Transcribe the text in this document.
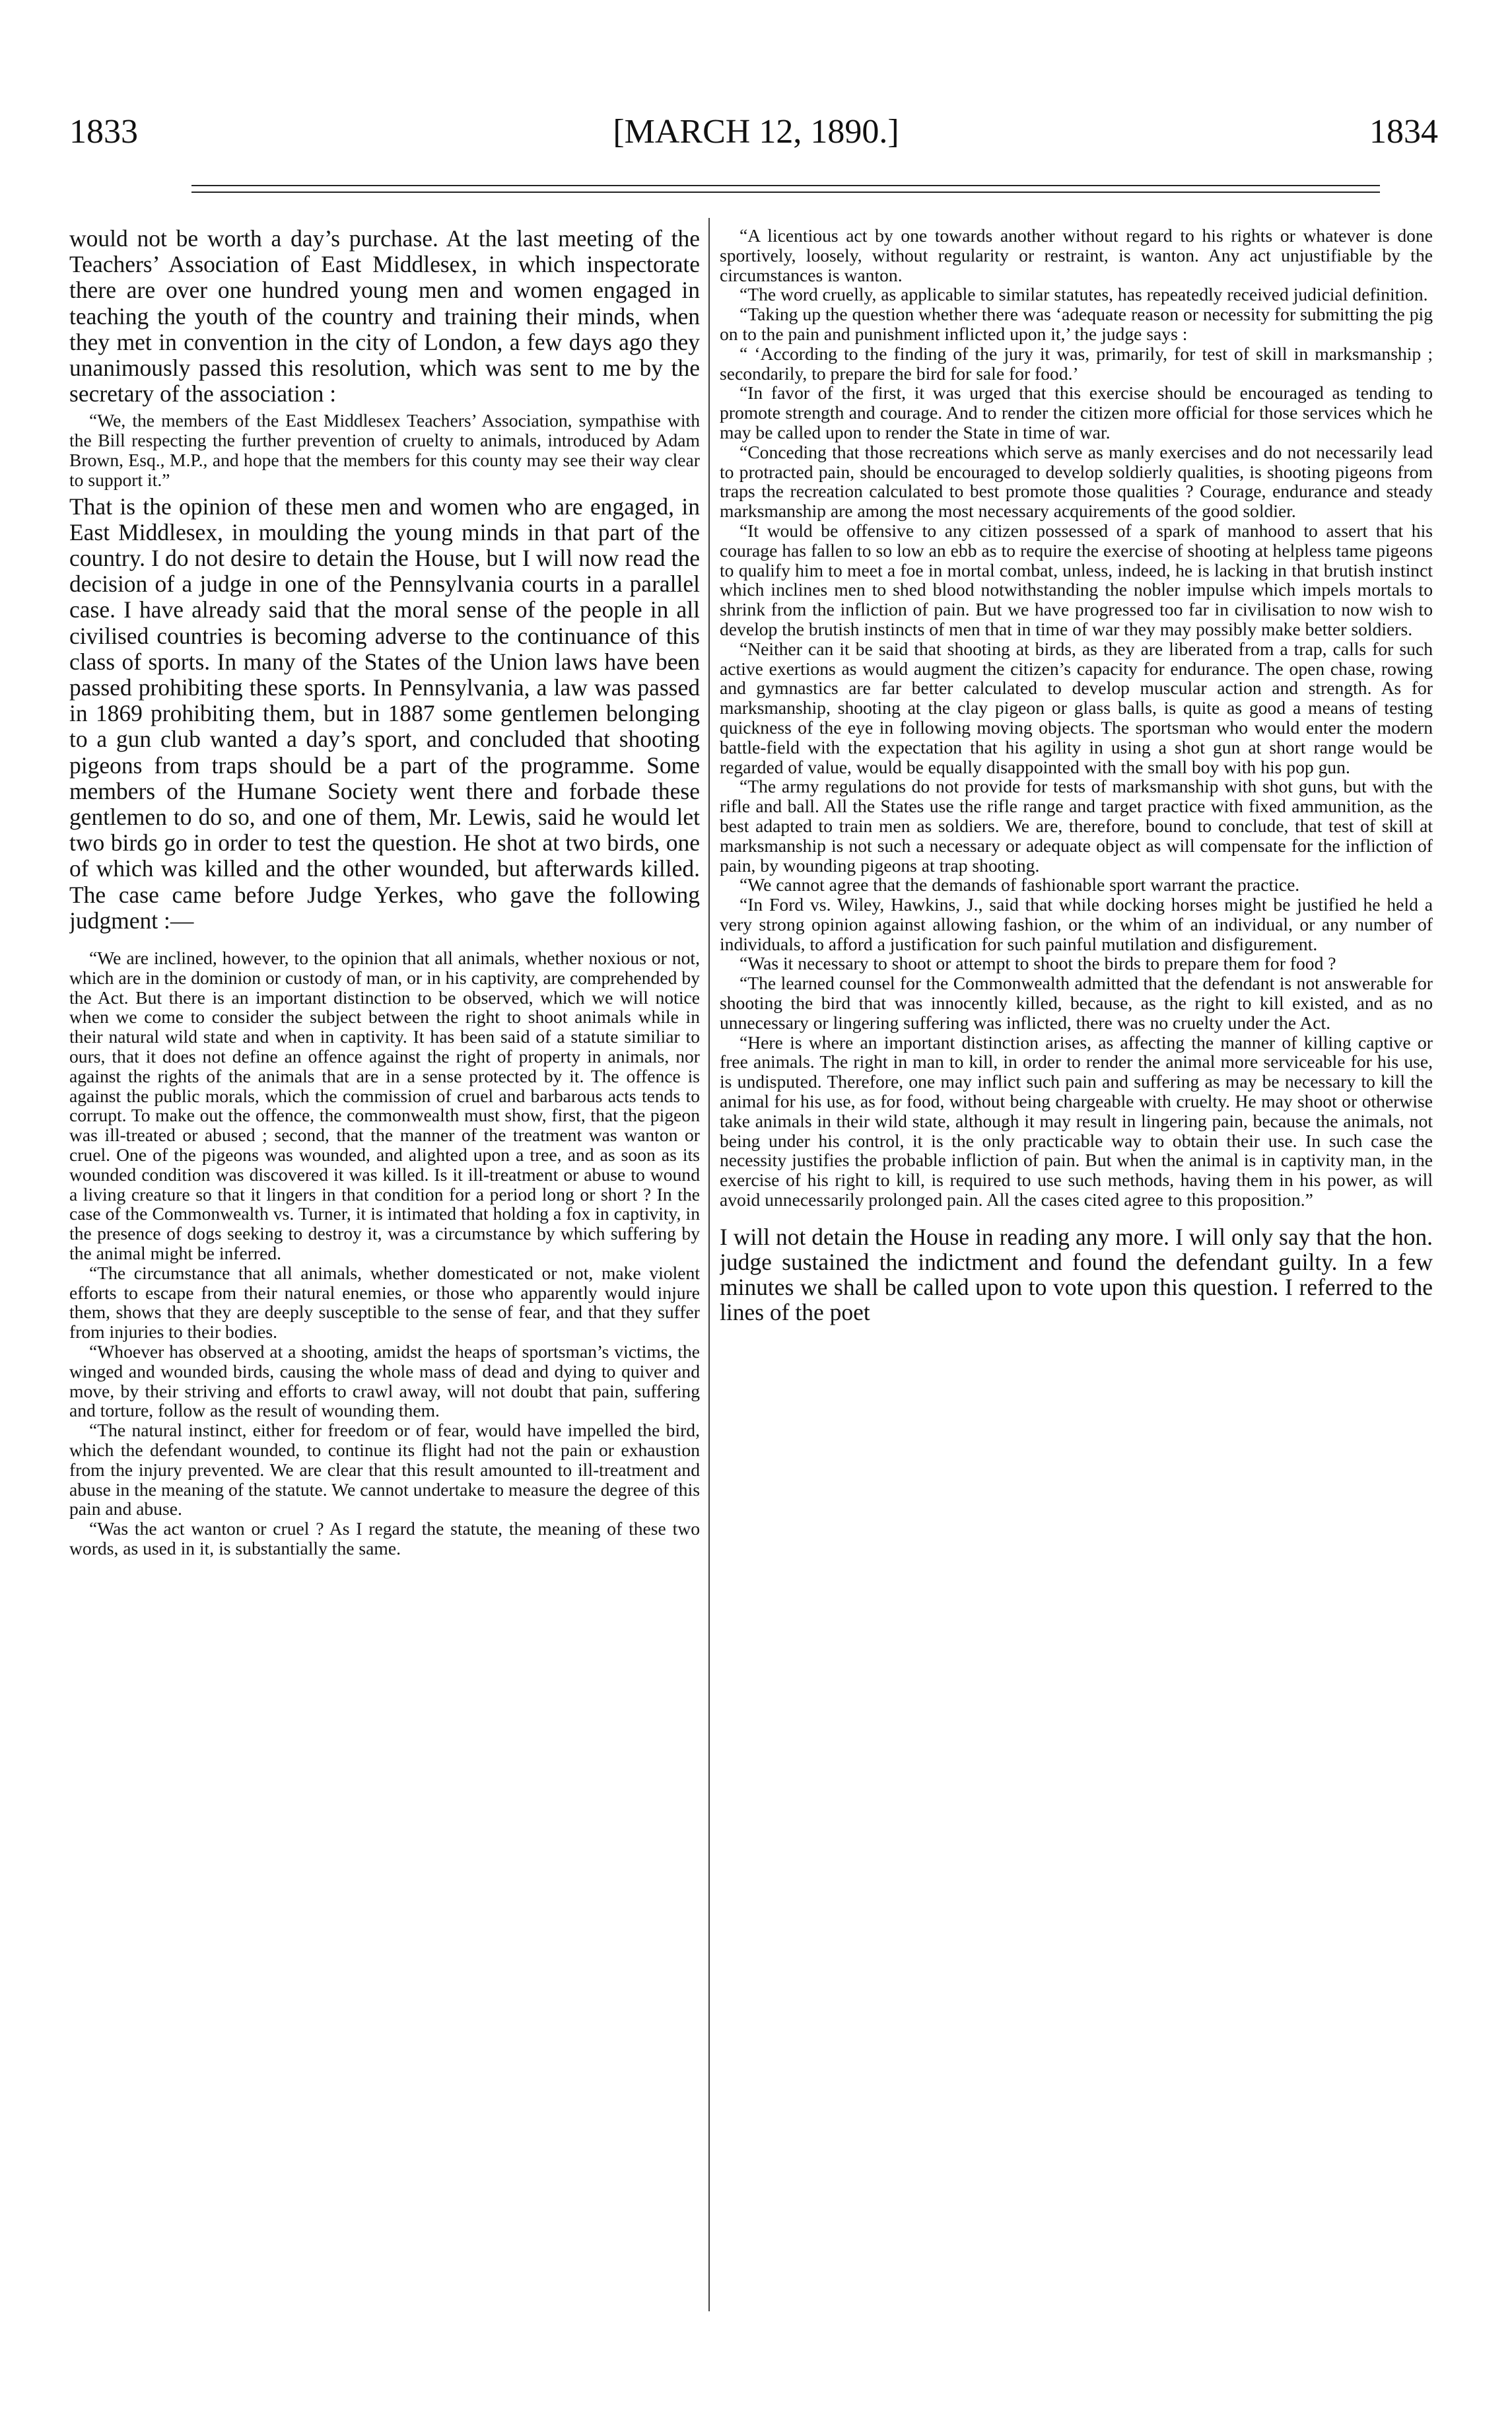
1833	[MARCH 12, 1890.]	1834

would not be worth a day’s purchase. At the last meeting of the Teachers’ Association of East Middlesex, in which inspectorate there are over one hundred young men and women engaged in teaching the youth of the country and training their minds, when they met in convention in the city of London, a few days ago they unanimously passed this resolution, which was sent to me by the secretary of the association :

“We, the members of the East Middlesex Teachers’ Association, sympathise with the Bill respecting the further prevention of cruelty to animals, introduced by Adam Brown, Esq., M.P., and hope that the members for this county may see their way clear to support it.”

That is the opinion of these men and women who are engaged, in East Middlesex, in moulding the young minds in that part of the country. I do not desire to detain the House, but I will now read the decision of a judge in one of the Pennsylvania courts in a parallel case. I have already said that the moral sense of the people in all civilised countries is becoming adverse to the continuance of this class of sports. In many of the States of the Union laws have been passed prohibiting these sports. In Pennsylvania, a law was passed in 1869 prohibiting them, but in 1887 some gentlemen belonging to a gun club wanted a day’s sport, and concluded that shooting pigeons from traps should be a part of the programme. Some members of the Humane Society went there and forbade these gentlemen to do so, and one of them, Mr. Lewis, said he would let two birds go in order to test the question. He shot at two birds, one of which was killed and the other wounded, but afterwards killed. The case came before Judge Yerkes, who gave the following judgment :—

“We are inclined, however, to the opinion that all animals, whether noxious or not, which are in the dominion or custody of man, or in his captivity, are comprehended by the Act. But there is an important distinction to be observed, which we will notice when we come to consider the subject between the right to shoot animals while in their natural wild state and when in captivity. It has been said of a statute similiar to ours, that it does not define an offence against the right of property in animals, nor against the rights of the animals that are in a sense protected by it. The offence is against the public morals, which the commission of cruel and barbarous acts tends to corrupt. To make out the offence, the commonwealth must show, first, that the pigeon was ill-treated or abused ; second, that the manner of the treatment was wanton or cruel. One of the pigeons was wounded, and alighted upon a tree, and as soon as its wounded condition was discovered it was killed. Is it ill-treatment or abuse to wound a living creature so that it lingers in that condition for a period long or short ? In the case of the Commonwealth vs. Turner, it is intimated that holding a fox in captivity, in the presence of dogs seeking to destroy it, was a circumstance by which suffering by the animal might be inferred.

“The circumstance that all animals, whether domesticated or not, make violent efforts to escape from their natural enemies, or those who apparently would injure them, shows that they are deeply susceptible to the sense of fear, and that they suffer from injuries to their bodies.

“Whoever has observed at a shooting, amidst the heaps of sportsman’s victims, the winged and wounded birds, causing the whole mass of dead and dying to quiver and move, by their striving and efforts to crawl away, will not doubt that pain, suffering and torture, follow as the result of wounding them.

“The natural instinct, either for freedom or of fear, would have impelled the bird, which the defendant wounded, to continue its flight had not the pain or exhaustion from the injury prevented. We are clear that this result amounted to ill-treatment and abuse in the meaning of the statute. We cannot undertake to measure the degree of this pain and abuse.

“Was the act wanton or cruel ? As I regard the statute, the meaning of these two words, as used in it, is substantially the same.

“A licentious act by one towards another without regard to his rights or whatever is done sportively, loosely, without regularity or restraint, is wanton. Any act unjustifiable by the circumstances is wanton.

“The word cruelly, as applicable to similar statutes, has repeatedly received judicial definition.

“Taking up the question whether there was ‘adequate reason or necessity for submitting the pig on to the pain and punishment inflicted upon it,’ the judge says :

“ ‘According to the finding of the jury it was, primarily, for test of skill in marksmanship ; secondarily, to prepare the bird for sale for food.’

“In favor of the first, it was urged that this exercise should be encouraged as tending to promote strength and courage. And to render the citizen more official for those services which he may be called upon to render the State in time of war.

“Conceding that those recreations which serve as manly exercises and do not necessarily lead to protracted pain, should be encouraged to develop soldierly qualities, is shooting pigeons from traps the recreation calculated to best promote those qualities ? Courage, endurance and steady marksmanship are among the most necessary acquirements of the good soldier.

“It would be offensive to any citizen possessed of a spark of manhood to assert that his courage has fallen to so low an ebb as to require the exercise of shooting at helpless tame pigeons to qualify him to meet a foe in mortal combat, unless, indeed, he is lacking in that brutish instinct which inclines men to shed blood notwithstanding the nobler impulse which impels mortals to shrink from the infliction of pain. But we have progressed too far in civilisation to now wish to develop the brutish instincts of men that in time of war they may possibly make better soldiers.

“Neither can it be said that shooting at birds, as they are liberated from a trap, calls for such active exertions as would augment the citizen’s capacity for endurance. The open chase, rowing and gymnastics are far better calculated to develop muscular action and strength. As for marksmanship, shooting at the clay pigeon or glass balls, is quite as good a means of testing quickness of the eye in following moving objects. The sportsman who would enter the modern battle-field with the expectation that his agility in using a shot gun at short range would be regarded of value, would be equally disappointed with the small boy with his pop gun.

“The army regulations do not provide for tests of marksmanship with shot guns, but with the rifle and ball. All the States use the rifle range and target practice with fixed ammunition, as the best adapted to train men as soldiers. We are, therefore, bound to conclude, that test of skill at marksmanship is not such a necessary or adequate object as will compensate for the infliction of pain, by wounding pigeons at trap shooting.

“We cannot agree that the demands of fashionable sport warrant the practice.

“In Ford vs. Wiley, Hawkins, J., said that while docking horses might be justified he held a very strong opinion against allowing fashion, or the whim of an individual, or any number of individuals, to afford a justification for such painful mutilation and disfigurement.

“Was it necessary to shoot or attempt to shoot the birds to prepare them for food ?

“The learned counsel for the Commonwealth admitted that the defendant is not answerable for shooting the bird that was innocently killed, because, as the right to kill existed, and as no unnecessary or lingering suffering was inflicted, there was no cruelty under the Act.

“Here is where an important distinction arises, as affecting the manner of killing captive or free animals. The right in man to kill, in order to render the animal more serviceable for his use, is undisputed. Therefore, one may inflict such pain and suffering as may be necessary to kill the animal for his use, as for food, without being chargeable with cruelty. He may shoot or otherwise take animals in their wild state, although it may result in lingering pain, because the animals, not being under his control, it is the only practicable way to obtain their use. In such case the necessity justifies the probable infliction of pain. But when the animal is in captivity man, in the exercise of his right to kill, is required to use such methods, having them in his power, as will avoid unnecessarily prolonged pain. All the cases cited agree to this proposition.”

I will not detain the House in reading any more. I will only say that the hon. judge sustained the indictment and found the defendant guilty. In a few minutes we shall be called upon to vote upon this question. I referred to the lines of the poet
